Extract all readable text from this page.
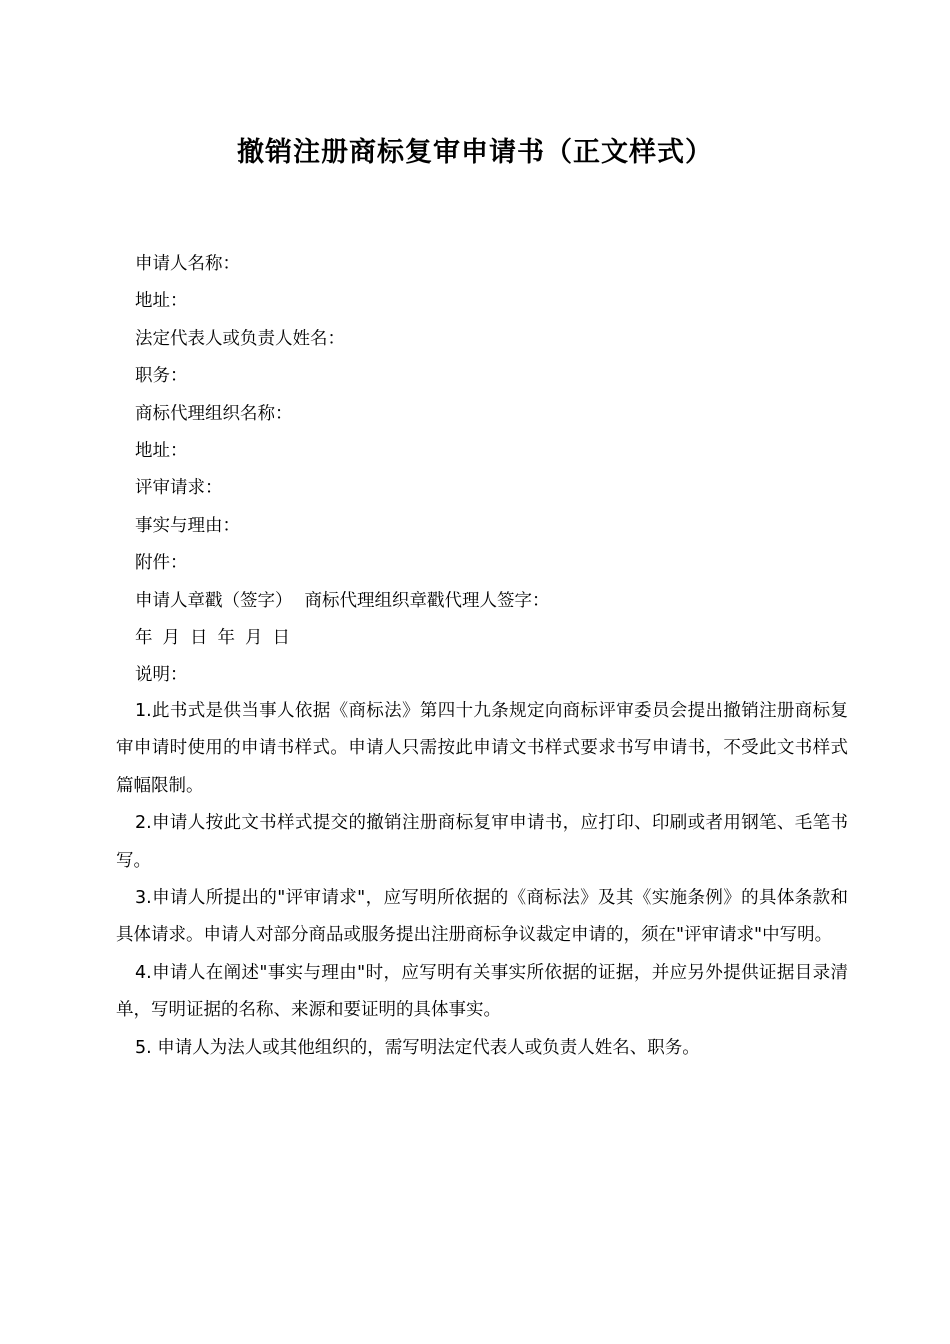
撤销注册商标复审申请书（正文样式）
申请人名称：
地址：
法定代表人或负责人姓名：
职务：
商标代理组织名称：
地址：
评审请求：
事实与理由：
附件：
申请人章戳（签字） 商标代理组织章戳代理人签字：
年 月 日 年 月 日
说明：

1.此书式是供当事人依据《商标法》第四十九条规定向商标评审委员会提出撤销注册商标复审申请时使用的申请书样式。申请人只需按此申请文书样式要求书写申请书，不受此文书样式篇幅限制。

2.申请人按此文书样式提交的撤销注册商标复审申请书，应打印、印刷或者用钢笔、毛笔书写。

3.申请人所提出的"评审请求"，应写明所依据的《商标法》及其《实施条例》的具体条款和具体请求。申请人对部分商品或服务提出注册商标争议裁定申请的，须在"评审请求"中写明。

4.申请人在阐述"事实与理由"时，应写明有关事实所依据的证据，并应另外提供证据目录清单，写明证据的名称、来源和要证明的具体事实。

5. 申请人为法人或其他组织的，需写明法定代表人或负责人姓名、职务。
